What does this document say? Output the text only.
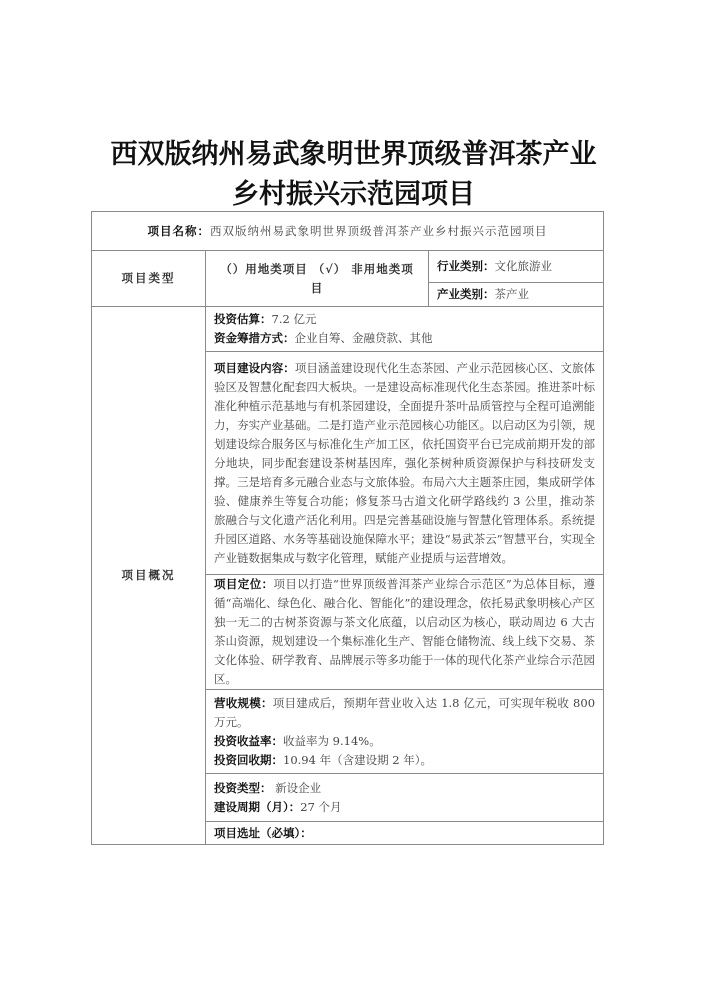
西双版纳州易武象明世界顶级普洱茶产业
乡村振兴示范园项目
项目名称：西双版纳州易武象明世界顶级普洱茶产业乡村振兴示范园项目		
项目类型	（）用地类项目 （√） 非用地类项目	行业类别：文化旅游业
		产业类别：茶产业
项目概况	投资估算：7.2 亿元
资金筹措方式：企业自筹、金融贷款、其他	

	项目建设内容：项目涵盖建设现代化生态茶园、产业示范园核心区、文旅体验区及智慧化配套四大板块。一是建设高标准现代化生态茶园。推进茶叶标准化种植示范基地与有机茶园建设，全面提升茶叶品质管控与全程可追溯能力，夯实产业基础。二是打造产业示范园核心功能区。以启动区为引领，规划建设综合服务区与标准化生产加工区，依托国资平台已完成前期开发的部分地块，同步配套建设茶树基因库，强化茶树种质资源保护与科技研发支撑。三是培育多元融合业态与文旅体验。布局六大主题茶庄园，集成研学体验、健康养生等复合功能；修复茶马古道文化研学路线约 3 公里，推动茶旅融合与文化遗产活化利用。四是完善基础设施与智慧化管理体系。系统提升园区道路、水务等基础设施保障水平；建设“易武茶云”智慧平台，实现全产业链数据集成与数字化管理，赋能产业提质与运营增效。	
	项目定位：项目以打造“世界顶级普洱茶产业综合示范区”为总体目标，遵循“高端化、绿色化、融合化、智能化”的建设理念，依托易武象明核心产区独一无二的古树茶资源与茶文化底蕴，以启动区为核心，联动周边 6 大古茶山资源，规划建设一个集标准化生产、智能仓储物流、线上线下交易、茶文化体验、研学教育、品牌展示等多功能于一体的现代化茶产业综合示范园区。	

	营收规模：项目建成后，预期年营业收入达 1.8 亿元，可实现年税收 800 万元。
投资收益率：收益率为 9.14%。
投资回收期：10.94 年（含建设期 2 年）。	

	投资类型： 新设企业
建设周期（月）：27 个月	

	项目选址（必填）：	
